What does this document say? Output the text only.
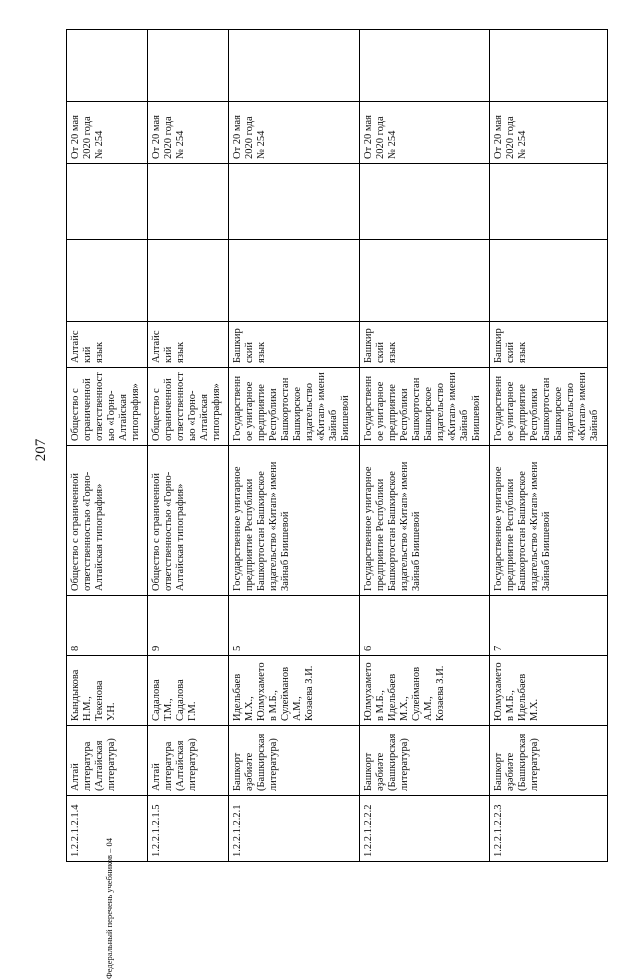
207
1.2.2.1.2.1.4	Алтай литература (Алтайская литература)	Кындыкова Н.М., Текенова У.Н.	8	Общество с ограниченной ответственностью «Горно-Алтайская типография»	Общество с ограниченной ответственностью «Горно-Алтайская типография»	Алтайский язык			От 20 мая 2020 года № 254	

1.2.2.1.2.1.5	Алтай литература (Алтайская литература)	Садалова Т.М., Садалова Г.М.	9	Общество с ограниченной ответственностью «Горно-Алтайская типография»	Общество с ограниченной ответственностью «Горно-Алтайская типография»	Алтайский язык			От 20 мая 2020 года № 254	

1.2.2.1.2.2.1	Башкорт әҙәбиәте (Башкирская литература)	Идельбаев М.Х., Юлмухаметов М.Б., Сулейманов А.М., Козаева З.И.	5	Государственное унитарное предприятие Республики Башкортостан Башкирское издательство «Китап» имени Зайнаб Биишевой	Государственное унитарное предприятие Республики Башкортостан Башкирское издательство «Китап» имени Зайнаб Биишевой	Башкирский язык			От 20 мая 2020 года № 254	

1.2.2.1.2.2.2	Башкорт әҙәбиәте (Башкирская литература)	Юлмухаметов М.Б., Идельбаев М.Х., Сулейманов А.М., Козаева З.И.	6	Государственное унитарное предприятие Республики Башкортостан Башкирское издательство «Китап» имени Зайнаб Биишевой	Государственное унитарное предприятие Республики Башкортостан Башкирское издательство «Китап» имени Зайнаб Биишевой	Башкирский язык			От 20 мая 2020 года № 254	

1.2.2.1.2.2.3	Башкорт әҙәбиәте (Башкирская литература)	Юлмухаметов М.Б., Идельбаев М.Х.	7	Государственное унитарное предприятие Республики Башкортостан Башкирское издательство «Китап» имени Зайнаб Биишевой	Государственное унитарное предприятие Республики Башкортостан Башкирское издательство «Китап» имени Зайнаб	Башкирский язык			От 20 мая 2020 года № 254	

Федеральный перечень учебников – 04
